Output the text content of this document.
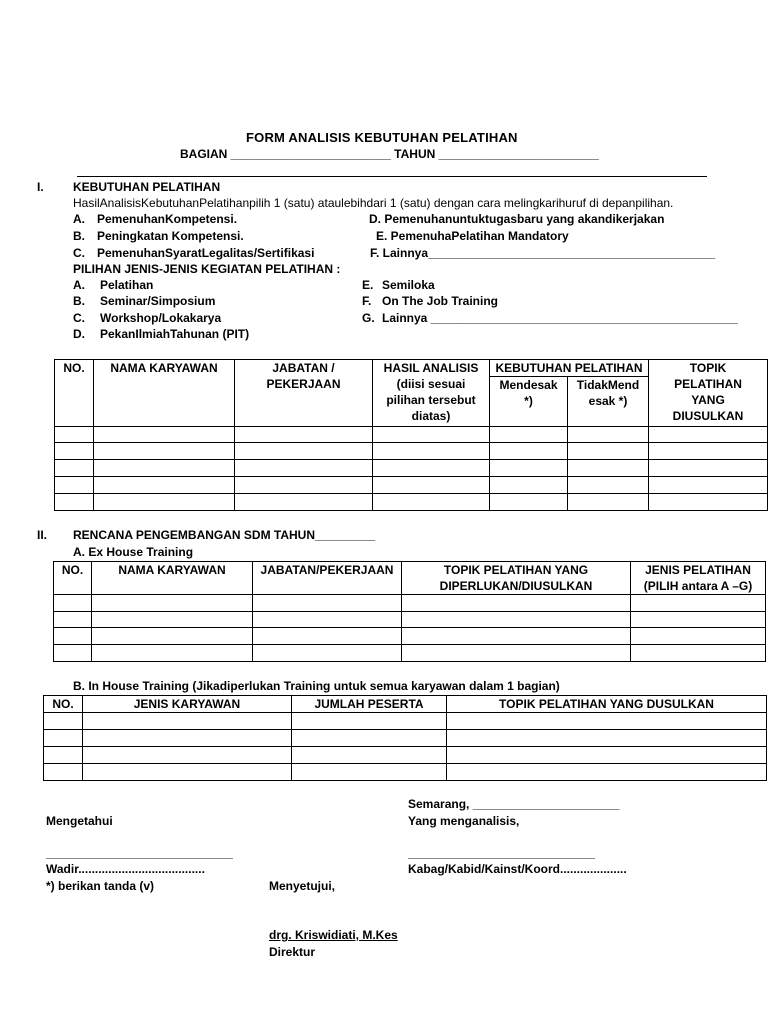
FORM ANALISIS KEBUTUHAN PELATIHAN
BAGIAN ________________________ TAHUN ________________________
I. KEBUTUHAN PELATIHAN
HasilAnalisisKebutuhanPelatihanpilih 1 (satu) ataulebihdari 1 (satu) dengan cara melingkarihuruf di depanpilihan.
A. PemenuhanKompetensi.
B. Peningkatan Kompetensi.
C. PemenuhanSyaratLegalitas/Sertifikasi
D. Pemenuhanuntuktugasbaru yang akandikerjakan
E. PemenuhaPelatihan Mandatory
F. Lainnya___________________________________________
PILIHAN JENIS-JENIS KEGIATAN PELATIHAN :
A. Pelatihan
B. Seminar/Simposium
C. Workshop/Lokakarya
D. PekanIlmiahTahunan (PIT)
E. Semiloka
F. On The Job Training
G. Lainnya ______________________________________________
NO.	NAMA KARYAWAN	JABATAN / PEKERJAAN	HASIL ANALISIS (diisi sesuai pilihan tersebut diatas)	KEBUTUHAN PELATIHAN		TOPIK PELATIHAN YANG DIUSULKAN
				Mendesak *)	TidakMend esak *)	

II. RENCANA PENGEMBANGAN SDM TAHUN_________
A. Ex House Training
NO.	NAMA KARYAWAN	JABATAN/PEKERJAAN	TOPIK PELATIHAN YANG DIPERLUKAN/DIUSULKAN	JENIS PELATIHAN (PILIH antara A –G)

B. In House Training (Jikadiperlukan Training untuk semua karyawan dalam 1 bagian)
NO.	JENIS KARYAWAN	JUMLAH PESERTA	TOPIK PELATIHAN YANG DUSULKAN

Semarang, ______________________
Mengetahui	Yang menganalisis,
____________________________	____________________________
Wadir......................................	Kabag/Kabid/Kainst/Koord....................
*) berikan tanda (v)	Menyetujui,
drg. Kriswidiati, M.Kes
Direktur
